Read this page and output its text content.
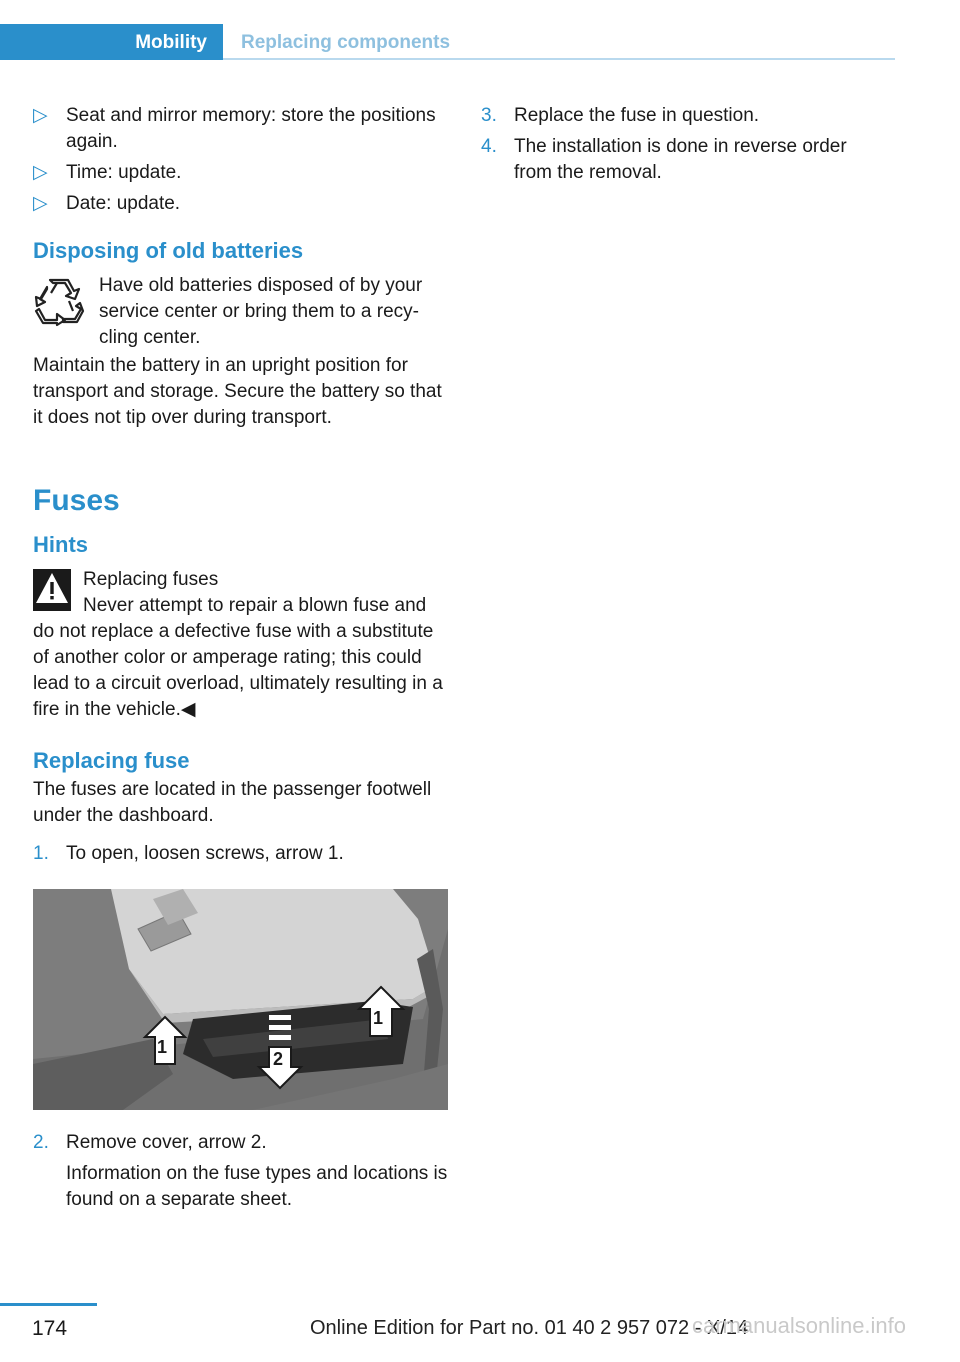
Mobility Replacing components
▷ Seat and mirror memory: store the positions again.
▷ Time: update.
▷ Date: update.
Disposing of old batteries

Have old batteries disposed of by your service center or bring them to a recycling center.

Maintain the battery in an upright position for transport and storage. Secure the battery so that it does not tip over during transport.

Fuses
Hints

Replacing fuses

Never attempt to repair a blown fuse and do not replace a defective fuse with a substitute of another color or amperage rating; this could lead to a circuit overload, ultimately resulting in a fire in the vehicle.◀

Replacing fuse

The fuses are located in the passenger footwell under the dashboard.

1. To open, loosen screws, arrow 1.
1
1
2
2. Remove cover, arrow 2.

Information on the fuse types and locations is found on a separate sheet.

3. Replace the fuse in question.
4. The installation is done in reverse order from the removal.
174	Online Edition for Part no. 01 40 2 957 072 - X/14
carmanualsonline.info
